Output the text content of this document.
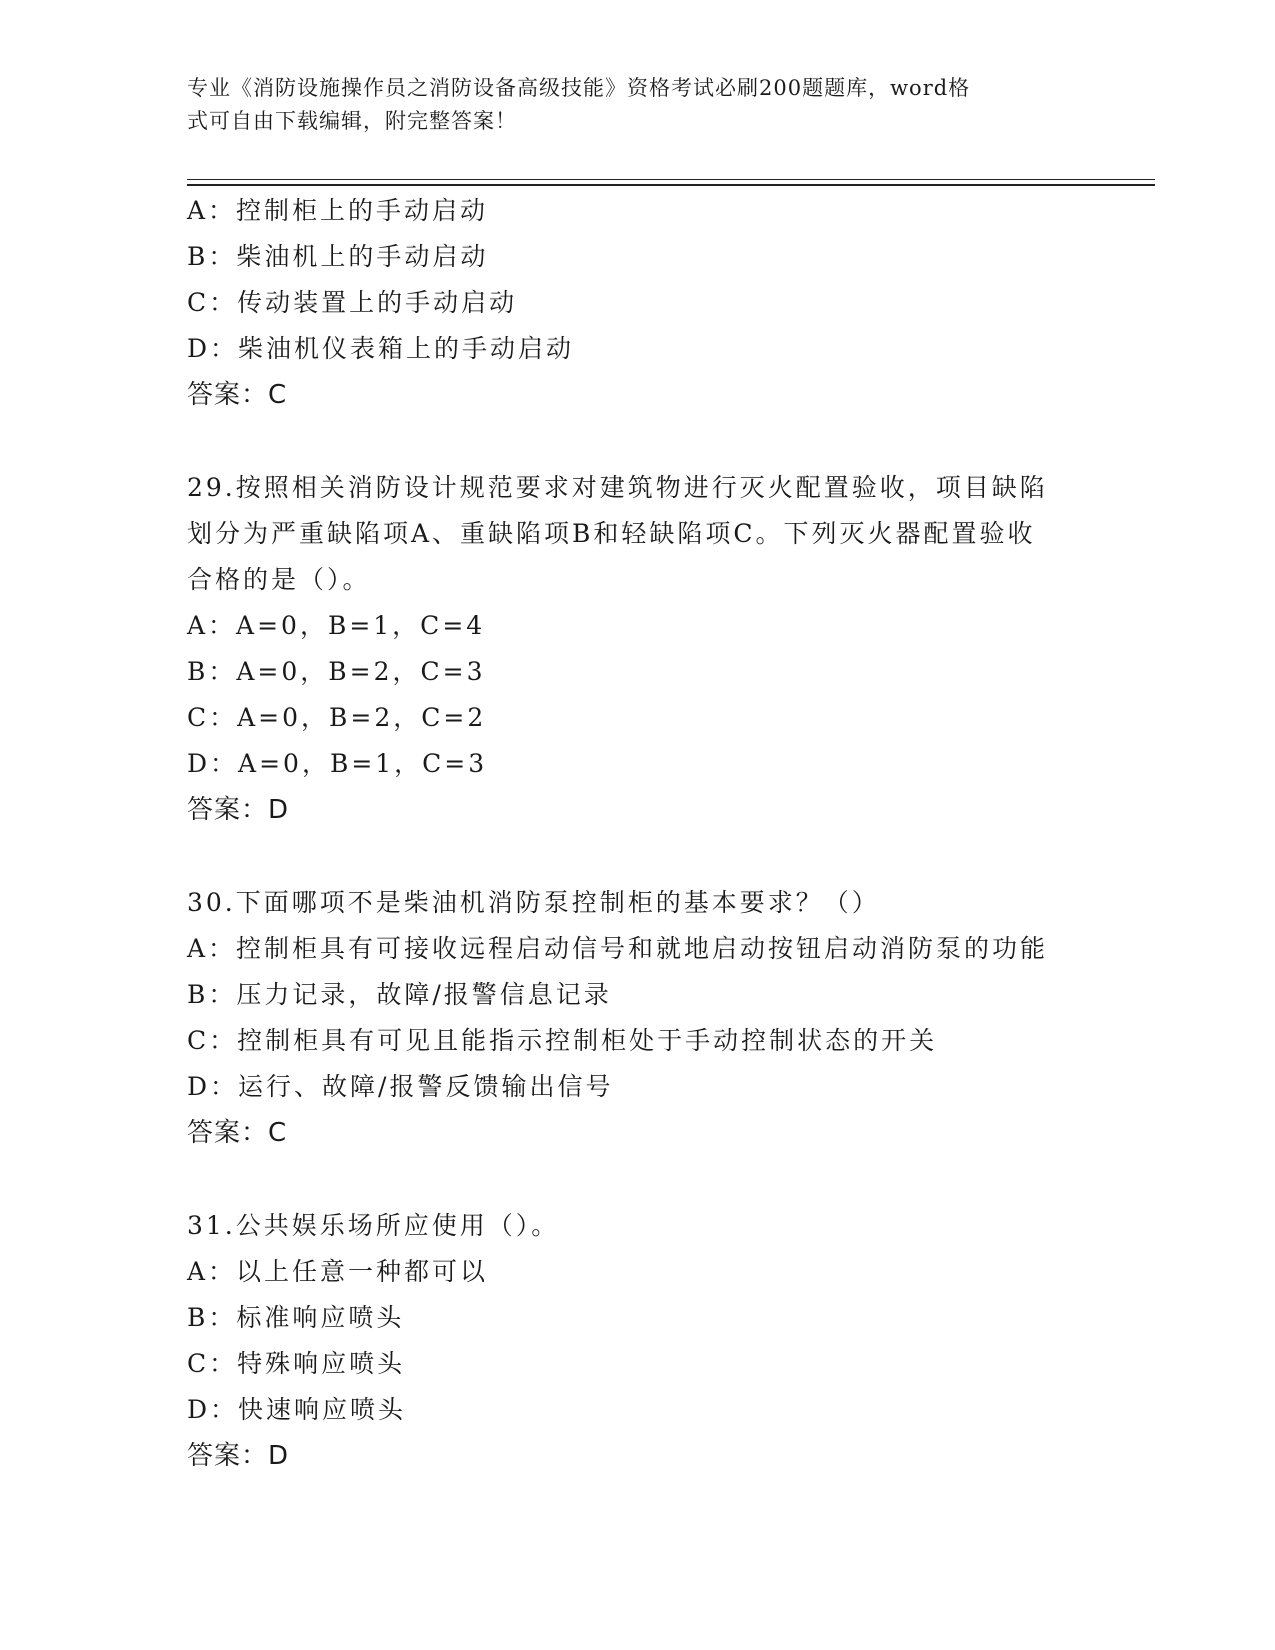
专业《消防设施操作员之消防设备高级技能》资格考试必刷200题题库，word格
式可自由下载编辑，附完整答案！
A：控制柜上的手动启动
B：柴油机上的手动启动
C：传动装置上的手动启动
D：柴油机仪表箱上的手动启动
答案：C
29.按照相关消防设计规范要求对建筑物进行灭火配置验收，项目缺陷
划分为严重缺陷项A、重缺陷项B和轻缺陷项C。下列灭火器配置验收
合格的是（）。
A：A=0，B=1，C=4
B：A=0，B=2，C=3
C：A=0，B=2，C=2
D：A=0，B=1，C=3
答案：D
30.下面哪项不是柴油机消防泵控制柜的基本要求？（）
A：控制柜具有可接收远程启动信号和就地启动按钮启动消防泵的功能
B：压力记录，故障/报警信息记录
C：控制柜具有可见且能指示控制柜处于手动控制状态的开关
D：运行、故障/报警反馈输出信号
答案：C
31.公共娱乐场所应使用（）。
A：以上任意一种都可以
B：标准响应喷头
C：特殊响应喷头
D：快速响应喷头
答案：D
